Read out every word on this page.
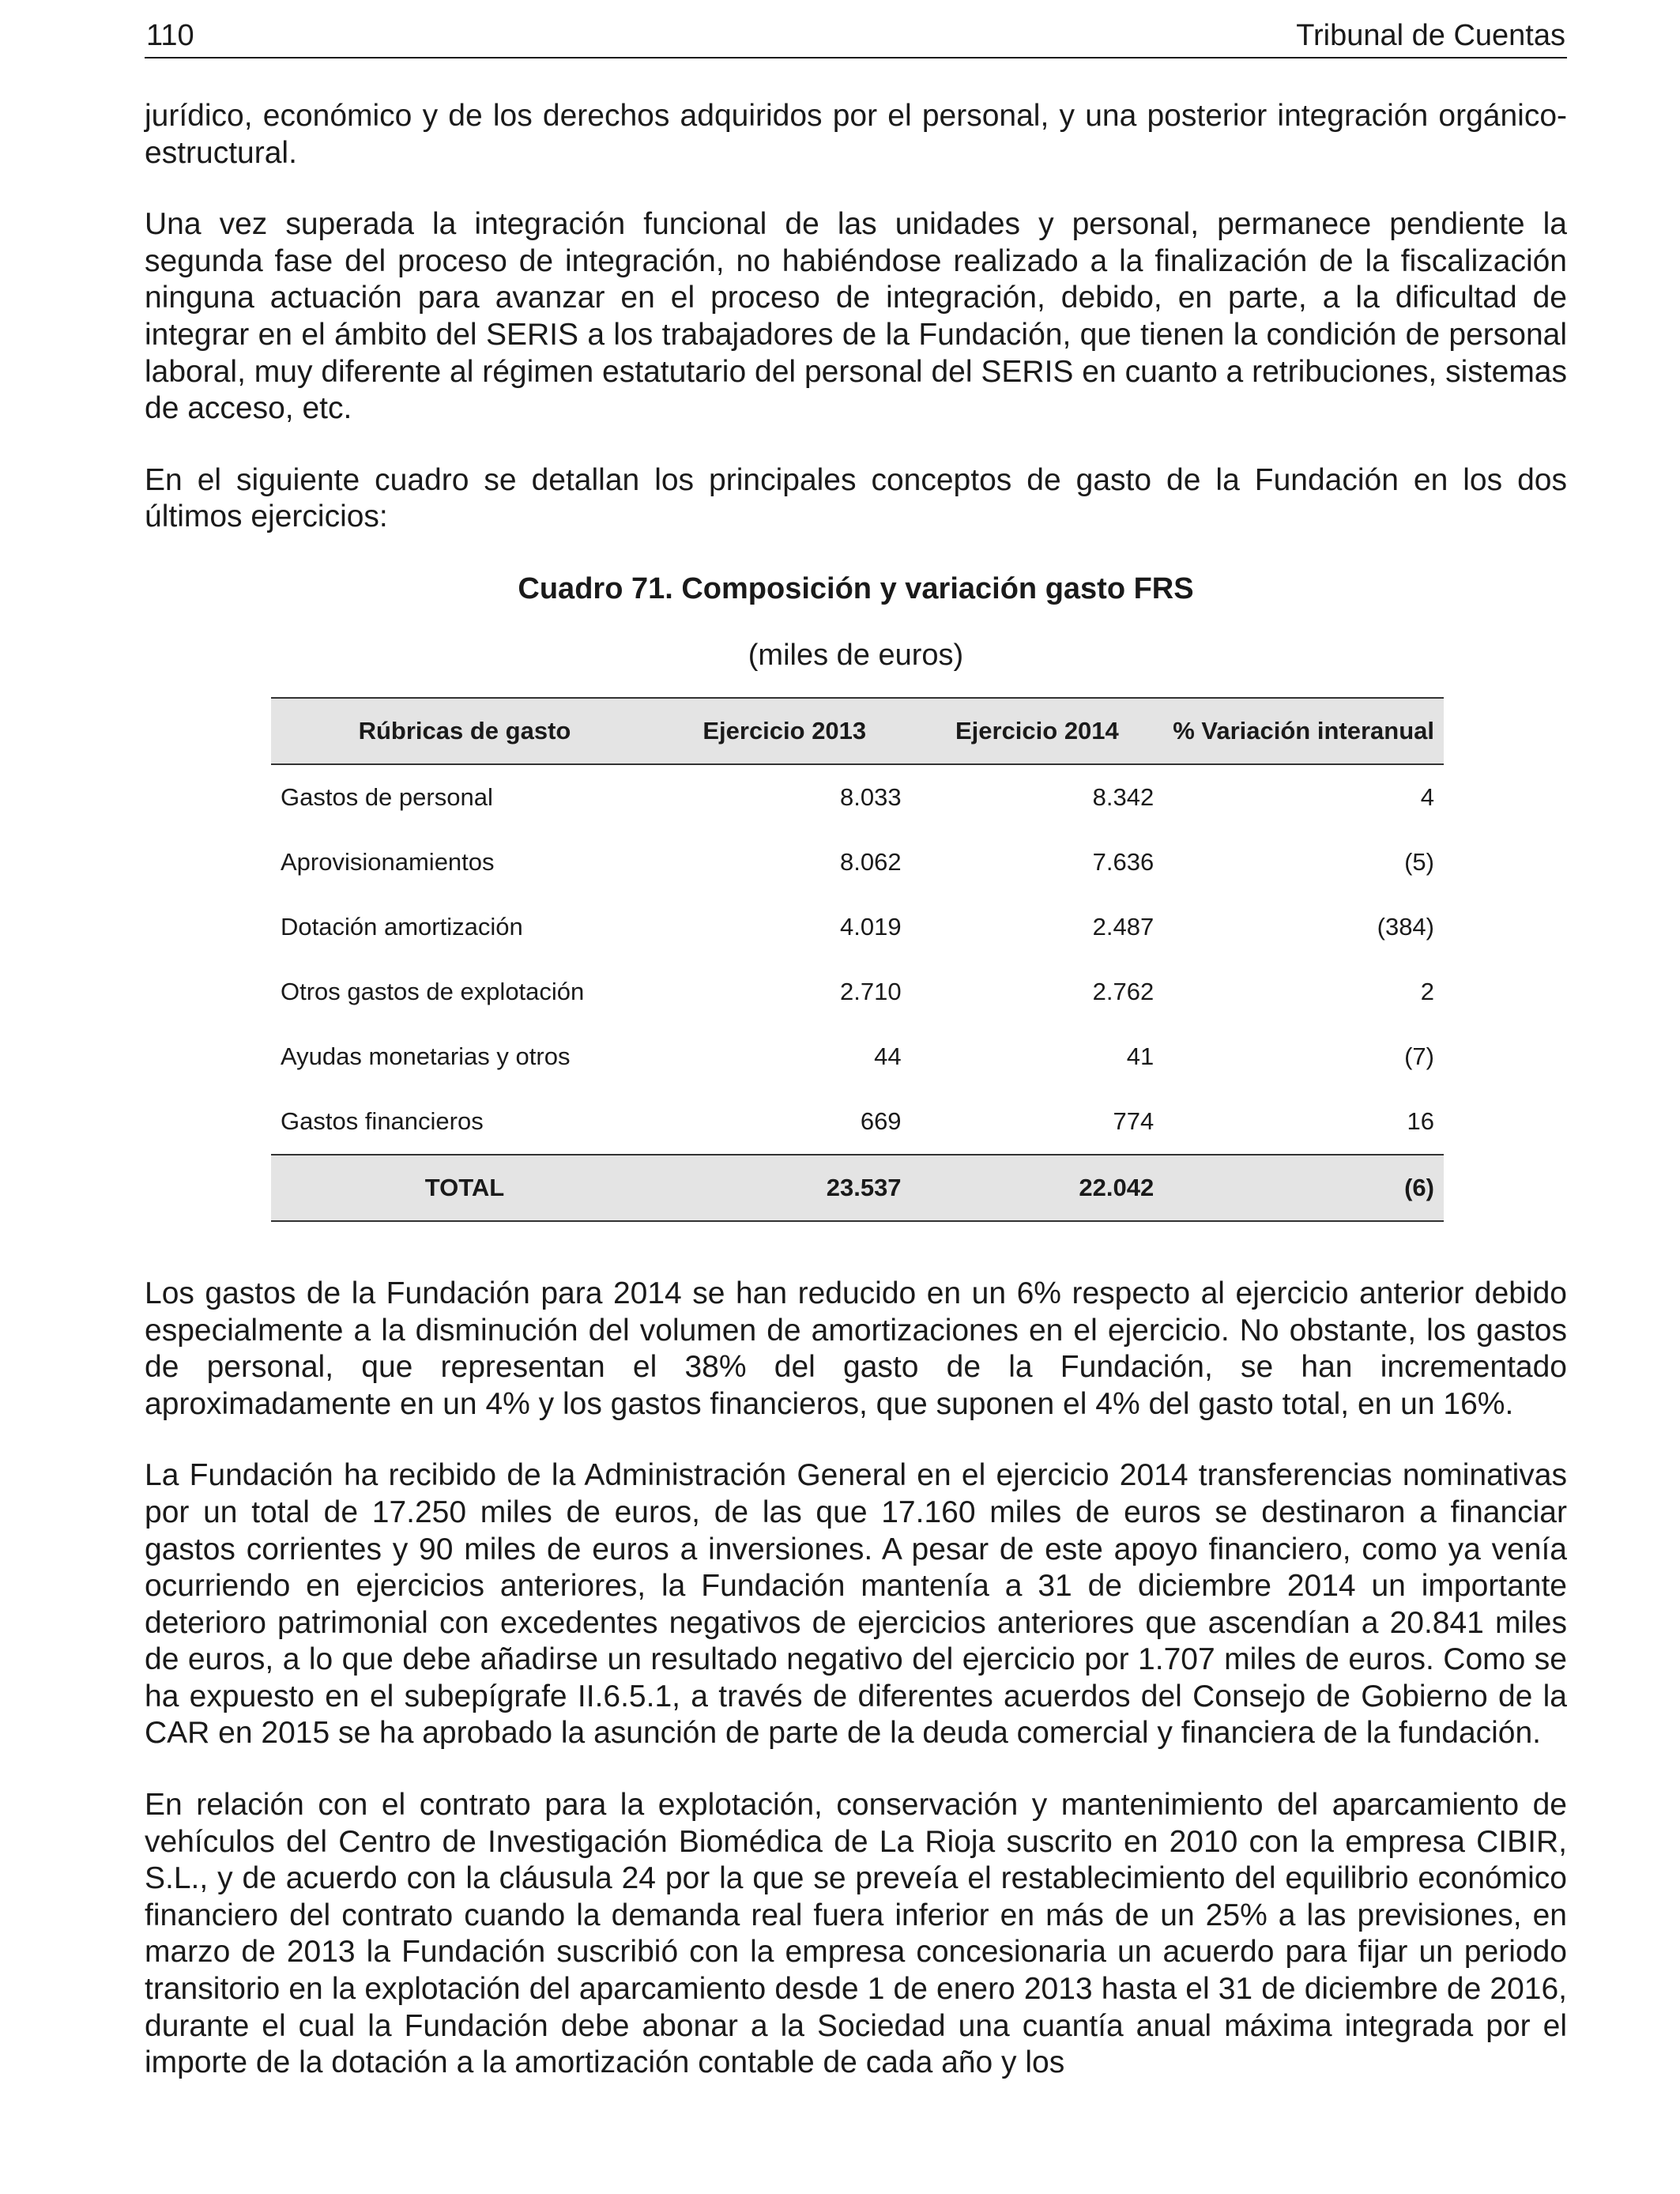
110	Tribunal de Cuentas

jurídico, económico y de los derechos adquiridos por el personal, y una posterior integración orgánico-estructural.

Una vez superada la integración funcional de las unidades y personal, permanece pendiente la segunda fase del proceso de integración, no habiéndose realizado a la finalización de la fiscalización ninguna actuación para avanzar en el proceso de integración, debido, en parte, a la dificultad de integrar en el ámbito del SERIS a los trabajadores de la Fundación, que tienen la condición de personal laboral, muy diferente al régimen estatutario del personal del SERIS en cuanto a retribuciones, sistemas de acceso, etc.

En el siguiente cuadro se detallan los principales conceptos de gasto de la Fundación en los dos últimos ejercicios:

Cuadro 71. Composición y variación gasto FRS
(miles de euros)
Rúbricas de gasto	Ejercicio 2013	Ejercicio 2014	% Variación interanual
Gastos de personal	8.033	8.342	4
Aprovisionamientos	8.062	7.636	(5)
Dotación amortización	4.019	2.487	(384)
Otros gastos de explotación	2.710	2.762	2
Ayudas monetarias y otros	44	41	(7)
Gastos financieros	669	774	16
TOTAL	23.537	22.042	(6)

Los gastos de la Fundación para 2014 se han reducido en un 6% respecto al ejercicio anterior debido especialmente a la disminución del volumen de amortizaciones en el ejercicio. No obstante, los gastos de personal, que representan el 38% del gasto de la Fundación, se han incrementado aproximadamente en un 4% y los gastos financieros, que suponen el 4% del gasto total, en un 16%.

La Fundación ha recibido de la Administración General en el ejercicio 2014 transferencias nominativas por un total de 17.250 miles de euros, de las que 17.160 miles de euros se destinaron a financiar gastos corrientes y 90 miles de euros a inversiones. A pesar de este apoyo financiero, como ya venía ocurriendo en ejercicios anteriores, la Fundación mantenía a 31 de diciembre 2014 un importante deterioro patrimonial con excedentes negativos de ejercicios anteriores que ascendían a 20.841 miles de euros, a lo que debe añadirse un resultado negativo del ejercicio por 1.707 miles de euros. Como se ha expuesto en el subepígrafe II.6.5.1, a través de diferentes acuerdos del Consejo de Gobierno de la CAR en 2015 se ha aprobado la asunción de parte de la deuda comercial y financiera de la fundación.

En relación con el contrato para la explotación, conservación y mantenimiento del aparcamiento de vehículos del Centro de Investigación Biomédica de La Rioja suscrito en 2010 con la empresa CIBIR, S.L., y de acuerdo con la cláusula 24 por la que se preveía el restablecimiento del equilibrio económico financiero del contrato cuando la demanda real fuera inferior en más de un 25% a las previsiones, en marzo de 2013 la Fundación suscribió con la empresa concesionaria un acuerdo para fijar un periodo transitorio en la explotación del aparcamiento desde 1 de enero 2013 hasta el 31 de diciembre de 2016, durante el cual la Fundación debe abonar a la Sociedad una cuantía anual máxima integrada por el importe de la dotación a la amortización contable de cada año y los
